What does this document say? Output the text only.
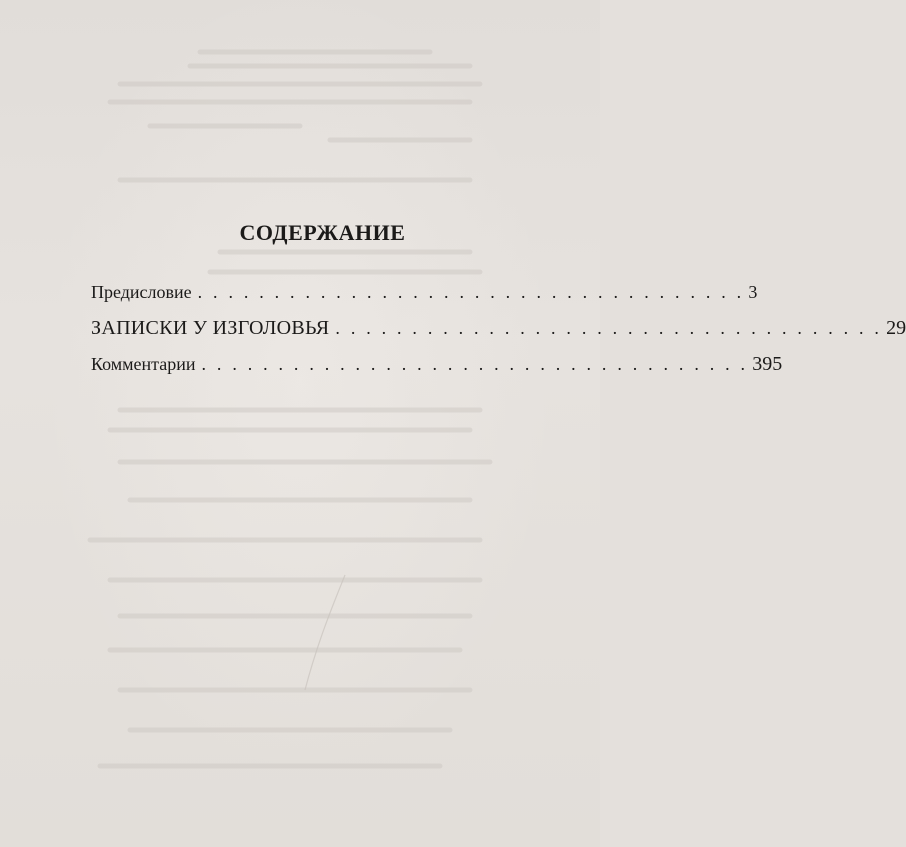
СОДЕРЖАНИЕ
Предисловие . . . . . . . . . . . . . . . . . . . . . . . . . . . . . . . . . . . . 3
ЗАПИСКИ У ИЗГОЛОВЬЯ . . . . . . . . . . . . . . . . . . . . . . . . . . . . . . . . . . . . 29
Комментарии . . . . . . . . . . . . . . . . . . . . . . . . . . . . . . . . . . . . 395
